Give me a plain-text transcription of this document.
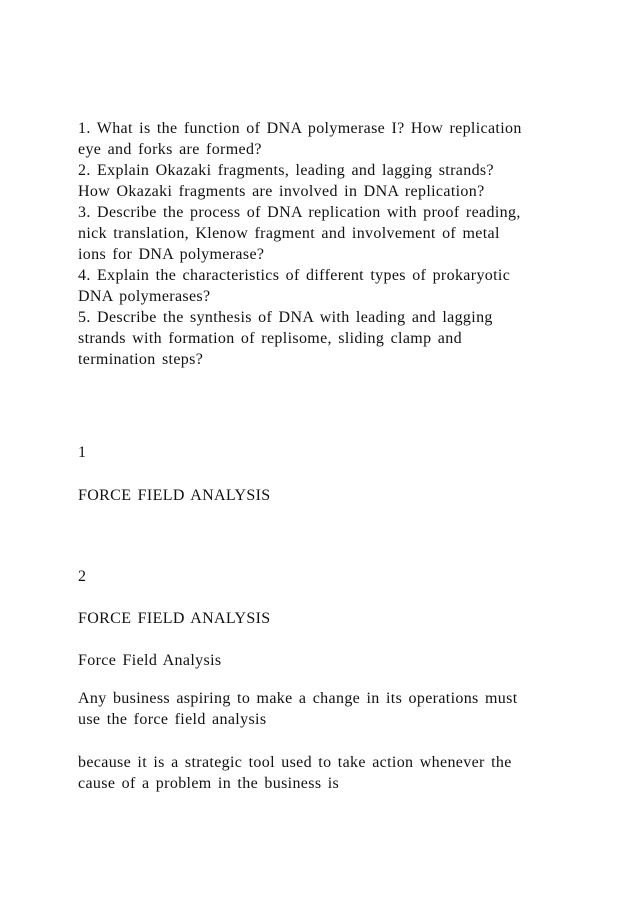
1. What is the function of DNA polymerase I? How replication
eye and forks are formed?
2. Explain Okazaki fragments, leading and lagging strands?
How Okazaki fragments are involved in DNA replication?
3. Describe the process of DNA replication with proof reading,
nick translation, Klenow fragment and involvement of metal
ions for DNA polymerase?
4. Explain the characteristics of different types of prokaryotic
DNA polymerases?
5. Describe the synthesis of DNA with leading and lagging
strands with formation of replisome, sliding clamp and
termination steps?
1
FORCE FIELD ANALYSIS
2
FORCE FIELD ANALYSIS
Force Field Analysis
Any business aspiring to make a change in its operations must
use the force field analysis
because it is a strategic tool used to take action whenever the
cause of a problem in the business is
